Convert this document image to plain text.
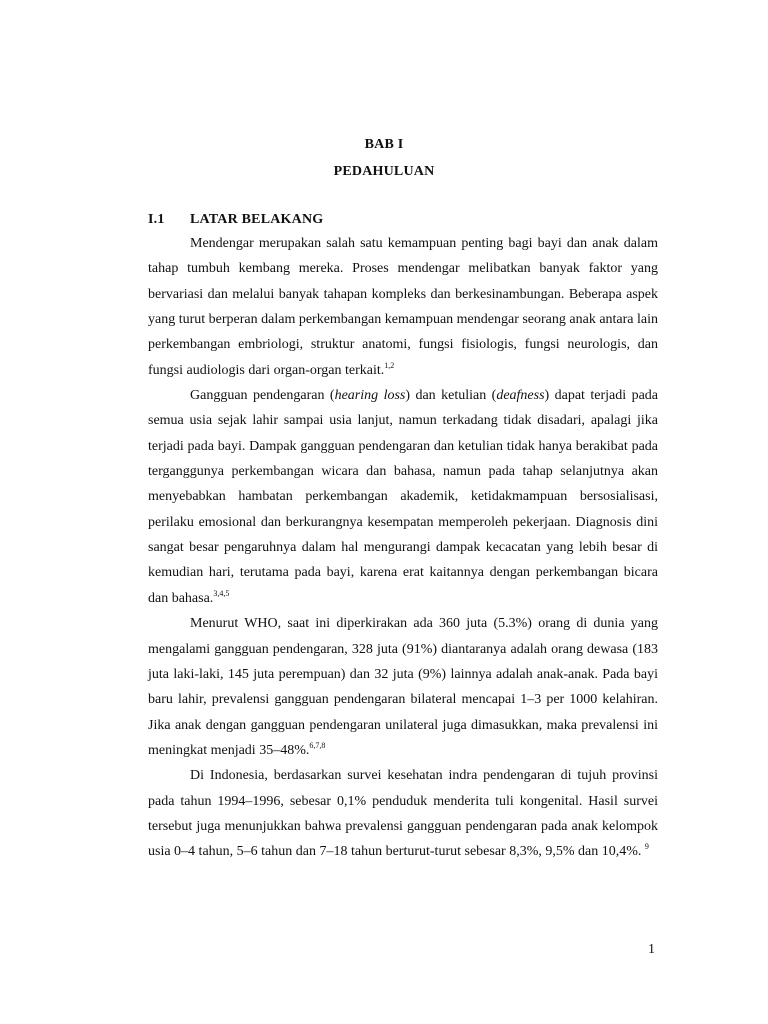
BAB I
PEDAHULUAN
I.1 LATAR BELAKANG

Mendengar merupakan salah satu kemampuan penting bagi bayi dan anak dalam tahap tumbuh kembang mereka. Proses mendengar melibatkan banyak faktor yang bervariasi dan melalui banyak tahapan kompleks dan berkesinambungan. Beberapa aspek yang turut berperan dalam perkembangan kemampuan mendengar seorang anak antara lain perkembangan embriologi, struktur anatomi, fungsi fisiologis, fungsi neurologis, dan fungsi audiologis dari organ-organ terkait.$^{1,2}$

Gangguan pendengaran (hearing loss) dan ketulian (deafness) dapat terjadi pada semua usia sejak lahir sampai usia lanjut, namun terkadang tidak disadari, apalagi jika terjadi pada bayi. Dampak gangguan pendengaran dan ketulian tidak hanya berakibat pada terganggunya perkembangan wicara dan bahasa, namun pada tahap selanjutnya akan menyebabkan hambatan perkembangan akademik, ketidakmampuan bersosialisasi, perilaku emosional dan berkurangnya kesempatan memperoleh pekerjaan. Diagnosis dini sangat besar pengaruhnya dalam hal mengurangi dampak kecacatan yang lebih besar di kemudian hari, terutama pada bayi, karena erat kaitannya dengan perkembangan bicara dan bahasa.$^{3,4,5}$

Menurut WHO, saat ini diperkirakan ada 360 juta (5.3%) orang di dunia yang mengalami gangguan pendengaran, 328 juta (91%) diantaranya adalah orang dewasa (183 juta laki-laki, 145 juta perempuan) dan 32 juta (9%) lainnya adalah anak-anak. Pada bayi baru lahir, prevalensi gangguan pendengaran bilateral mencapai 1–3 per 1000 kelahiran. Jika anak dengan gangguan pendengaran unilateral juga dimasukkan, maka prevalensi ini meningkat menjadi 35–48%.$^{6,7,8}$

Di Indonesia, berdasarkan survei kesehatan indra pendengaran di tujuh provinsi pada tahun 1994–1996, sebesar 0,1% penduduk menderita tuli kongenital. Hasil survei tersebut juga menunjukkan bahwa prevalensi gangguan pendengaran pada anak kelompok usia 0–4 tahun, 5–6 tahun dan 7–18 tahun berturut-turut sebesar 8,3%, 9,5% dan 10,4%. $^9$

1
